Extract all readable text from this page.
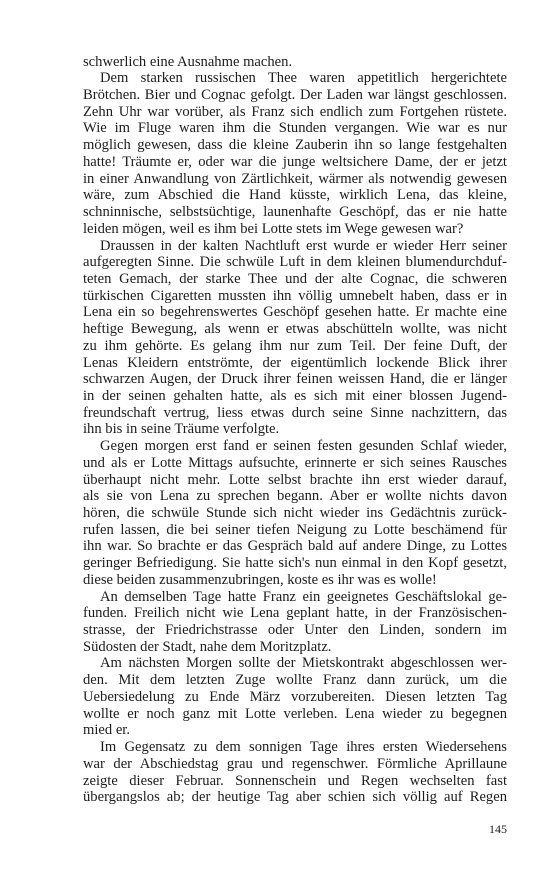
schwerlich eine Ausnahme machen.
Dem starken russischen Thee waren appetitlich hergerichtete
Brötchen. Bier und Cognac gefolgt. Der Laden war längst geschlossen.
Zehn Uhr war vorüber, als Franz sich endlich zum Fortgehen rüstete.
Wie im Fluge waren ihm die Stunden vergangen. Wie war es nur
möglich gewesen, dass die kleine Zauberin ihn so lange festgehalten
hatte! Träumte er, oder war die junge weltsichere Dame, der er jetzt
in einer Anwandlung von Zärtlichkeit, wärmer als notwendig gewesen
wäre, zum Abschied die Hand küsste, wirklich Lena, das kleine,
schninnische, selbstsüchtige, launenhafte Geschöpf, das er nie hatte
leiden mögen, weil es ihm bei Lotte stets im Wege gewesen war?
Draussen in der kalten Nachtluft erst wurde er wieder Herr seiner
aufgeregten Sinne. Die schwüle Luft in dem kleinen blumendurchduf-
teten Gemach, der starke Thee und der alte Cognac, die schweren
türkischen Cigaretten mussten ihn völlig umnebelt haben, dass er in
Lena ein so begehrenswertes Geschöpf gesehen hatte. Er machte eine
heftige Bewegung, als wenn er etwas abschütteln wollte, was nicht
zu ihm gehörte. Es gelang ihm nur zum Teil. Der feine Duft, der
Lenas Kleidern entströmte, der eigentümlich lockende Blick ihrer
schwarzen Augen, der Druck ihrer feinen weissen Hand, die er länger
in der seinen gehalten hatte, als es sich mit einer blossen Jugend-
freundschaft vertrug, liess etwas durch seine Sinne nachzittern, das
ihn bis in seine Träume verfolgte.
Gegen morgen erst fand er seinen festen gesunden Schlaf wieder,
und als er Lotte Mittags aufsuchte, erinnerte er sich seines Rausches
überhaupt nicht mehr. Lotte selbst brachte ihn erst wieder darauf,
als sie von Lena zu sprechen begann. Aber er wollte nichts davon
hören, die schwüle Stunde sich nicht wieder ins Gedächtnis zurück-
rufen lassen, die bei seiner tiefen Neigung zu Lotte beschämend für
ihn war. So brachte er das Gespräch bald auf andere Dinge, zu Lottes
geringer Befriedigung. Sie hatte sich's nun einmal in den Kopf gesetzt,
diese beiden zusammenzubringen, koste es ihr was es wolle!
An demselben Tage hatte Franz ein geeignetes Geschäftslokal ge-
funden. Freilich nicht wie Lena geplant hatte, in der Französischen-
strasse, der Friedrichstrasse oder Unter den Linden, sondern im
Südosten der Stadt, nahe dem Moritzplatz.
Am nächsten Morgen sollte der Mietskontrakt abgeschlossen wer-
den. Mit dem letzten Zuge wollte Franz dann zurück, um die
Uebersiedelung zu Ende März vorzubereiten. Diesen letzten Tag
wollte er noch ganz mit Lotte verleben. Lena wieder zu begegnen
mied er.
Im Gegensatz zu dem sonnigen Tage ihres ersten Wiedersehens
war der Abschiedstag grau und regenschwer. Förmliche Aprillaune
zeigte dieser Februar. Sonnenschein und Regen wechselten fast
übergangslos ab; der heutige Tag aber schien sich völlig auf Regen
145
